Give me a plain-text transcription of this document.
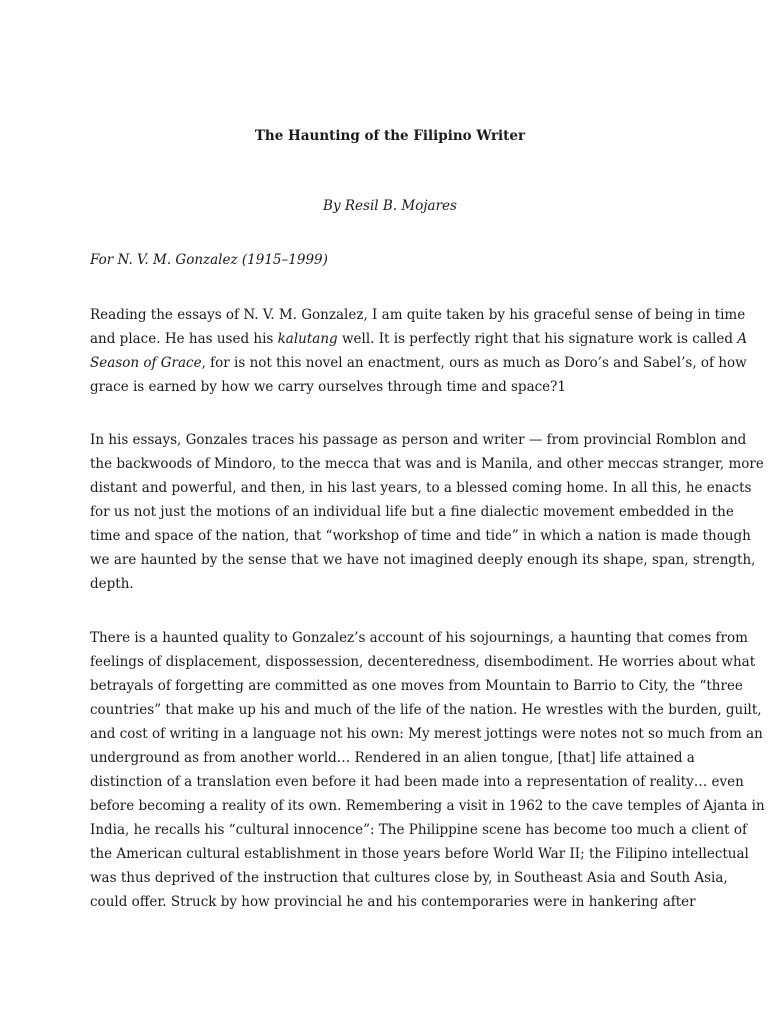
The Haunting of the Filipino Writer
By Resil B. Mojares
For N. V. M. Gonzalez (1915–1999)
Reading the essays of N. V. M. Gonzalez, I am quite taken by his graceful sense of being in time
and place. He has used his kalutang well. It is perfectly right that his signature work is called A
Season of Grace, for is not this novel an enactment, ours as much as Doro’s and Sabel’s, of how
grace is earned by how we carry ourselves through time and space?1
In his essays, Gonzales traces his passage as person and writer — from provincial Romblon and
the backwoods of Mindoro, to the mecca that was and is Manila, and other meccas stranger, more
distant and powerful, and then, in his last years, to a blessed coming home. In all this, he enacts
for us not just the motions of an individual life but a fine dialectic movement embedded in the
time and space of the nation, that “workshop of time and tide” in which a nation is made though
we are haunted by the sense that we have not imagined deeply enough its shape, span, strength,
depth.
There is a haunted quality to Gonzalez’s account of his sojournings, a haunting that comes from
feelings of displacement, dispossession, decenteredness, disembodiment. He worries about what
betrayals of forgetting are committed as one moves from Mountain to Barrio to City, the “three
countries” that make up his and much of the life of the nation. He wrestles with the burden, guilt,
and cost of writing in a language not his own: My merest jottings were notes not so much from an
underground as from another world… Rendered in an alien tongue, [that] life attained a
distinction of a translation even before it had been made into a representation of reality… even
before becoming a reality of its own. Remembering a visit in 1962 to the cave temples of Ajanta in
India, he recalls his “cultural innocence”: The Philippine scene has become too much a client of
the American cultural establishment in those years before World War II; the Filipino intellectual
was thus deprived of the instruction that cultures close by, in Southeast Asia and South Asia,
could offer. Struck by how provincial he and his contemporaries were in hankering after
